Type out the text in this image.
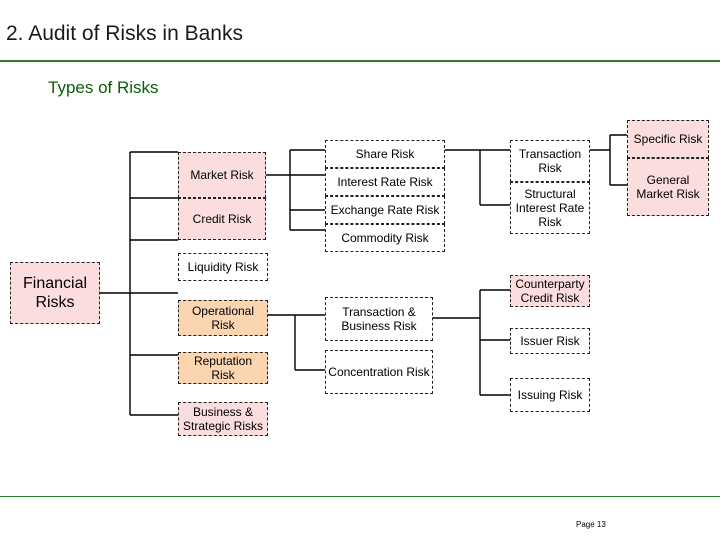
2. Audit of Risks in Banks
Types of Risks
Financial Risks
Market Risk
Credit Risk
Liquidity Risk
Operational Risk
Reputation Risk
Business & Strategic Risks
Share Risk
Interest Rate Risk
Exchange Rate Risk
Commodity Risk
Transaction Risk
Structural Interest Rate Risk
Specific Risk
General Market Risk
Transaction & Business Risk
Concentration Risk
Counterparty Credit Risk
Issuer Risk
Issuing Risk
Page 13
